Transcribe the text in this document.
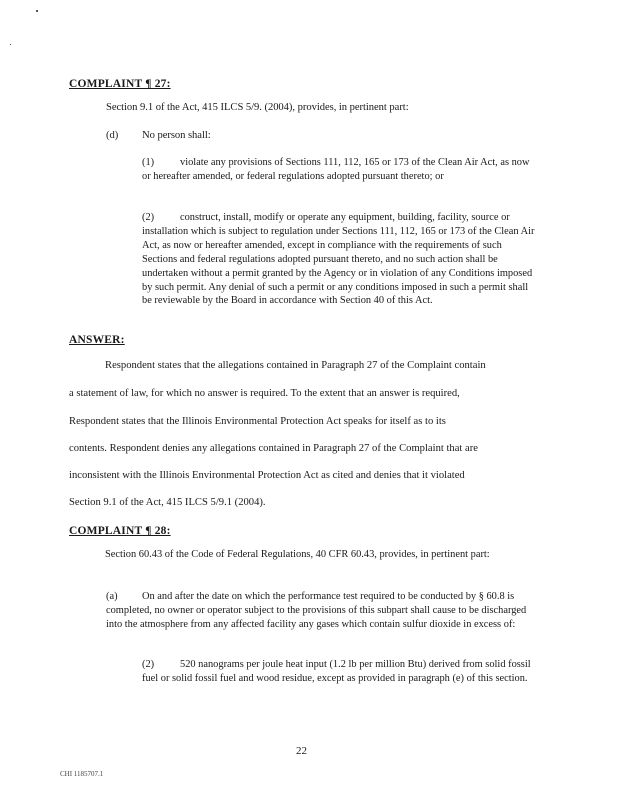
COMPLAINT ¶ 27:
Section 9.1 of the Act, 415 ILCS 5/9. (2004), provides, in pertinent part:
(d) No person shall:
(1) violate any provisions of Sections 111, 112, 165 or 173 of the Clean Air Act, as now or hereafter amended, or federal regulations adopted pursuant thereto; or
(2) construct, install, modify or operate any equipment, building, facility, source or installation which is subject to regulation under Sections 111, 112, 165 or 173 of the Clean Air Act, as now or hereafter amended, except in compliance with the requirements of such Sections and federal regulations adopted pursuant thereto, and no such action shall be undertaken without a permit granted by the Agency or in violation of any Conditions imposed by such permit. Any denial of such a permit or any conditions imposed in such a permit shall be reviewable by the Board in accordance with Section 40 of this Act.
ANSWER:
Respondent states that the allegations contained in Paragraph 27 of the Complaint contain
a statement of law, for which no answer is required. To the extent that an answer is required,
Respondent states that the Illinois Environmental Protection Act speaks for itself as to its
contents. Respondent denies any allegations contained in Paragraph 27 of the Complaint that are
inconsistent with the Illinois Environmental Protection Act as cited and denies that it violated
Section 9.1 of the Act, 415 ILCS 5/9.1 (2004).
COMPLAINT ¶ 28:
Section 60.43 of the Code of Federal Regulations, 40 CFR 60.43, provides, in pertinent part:
(a) On and after the date on which the performance test required to be conducted by § 60.8 is completed, no owner or operator subject to the provisions of this subpart shall cause to be discharged into the atmosphere from any affected facility any gases which contain sulfur dioxide in excess of:
(2) 520 nanograms per joule heat input (1.2 lb per million Btu) derived from solid fossil fuel or solid fossil fuel and wood residue, except as provided in paragraph (e) of this section.
22
CHI 1185707.1
